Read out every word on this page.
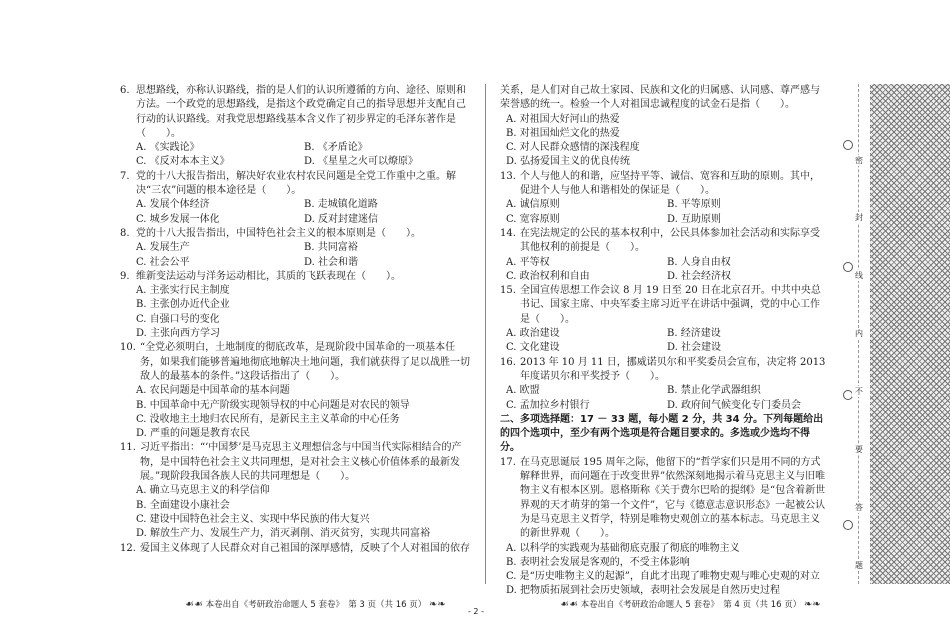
6. 思想路线，亦称认识路线，指的是人们的认识所遵循的方向、途径、原则和方法。一个政党的思想路线，是指这个政党确定自己的指导思想并支配自己行动的认识路线。对我党思想路线基本含义作了初步界定的毛泽东著作是（　　）。
A. 《实践论》	B. 《矛盾论》
C. 《反对本本主义》	D. 《星星之火可以燎原》
7. 党的十八大报告指出，解决好农业农村农民问题是全党工作重中之重。解决“三农”问题的根本途径是（　　）。
A. 发展个体经济	B. 走城镇化道路
C. 城乡发展一体化	D. 反对封建迷信
8. 党的十八大报告指出，中国特色社会主义的根本原则是（　　）。
A. 发展生产	B. 共同富裕
C. 社会公平	D. 社会和谐
9. 维新变法运动与洋务运动相比，其质的飞跃表现在（　　）。
A. 主张实行民主制度
B. 主张创办近代企业
C. 自强口号的变化
D. 主张向西方学习
10. “全党必须明白，土地制度的彻底改革，是现阶段中国革命的一项基本任务，如果我们能够普遍地彻底地解决土地问题，我们就获得了足以战胜一切敌人的最基本的条件。”这段话指出了（　　）。
A. 农民问题是中国革命的基本问题
B. 中国革命中无产阶级实现领导权的中心问题是对农民的领导
C. 没收地主土地归农民所有，是新民主主义革命的中心任务
D. 严重的问题是教育农民
11. 习近平指出：“‘中国梦’是马克思主义理想信念与中国当代实际相结合的产物，是中国特色社会主义共同理想，是对社会主义核心价值体系的最新发展。”现阶段我国各族人民的共同理想是（　　）。
A. 确立马克思主义的科学信仰
B. 全面建设小康社会
C. 建设中国特色社会主义、实现中华民族的伟大复兴
D. 解放生产力、发展生产力，消灭剥削、消灭贫穷，实现共同富裕
12. 爱国主义体现了人民群众对自己祖国的深厚感情，反映了个人对祖国的依存
关系，是人们对自己故土家园、民族和文化的归属感、认同感、尊严感与荣誉感的统一。检验一个人对祖国忠诚程度的试金石是指（　　）。
A. 对祖国大好河山的热爱
B. 对祖国灿烂文化的热爱
C. 对人民群众感情的深浅程度
D. 弘扬爱国主义的优良传统
13. 个人与他人的和谐，应坚持平等、诚信、宽容和互助的原则。其中，促进个人与他人和谐相处的保证是（　　）。
A. 诚信原则	B. 平等原则
C. 宽容原则	D. 互助原则
14. 在宪法规定的公民的基本权利中，公民具体参加社会活动和实际享受其他权利的前提是（　　）。
A. 平等权	B. 人身自由权
C. 政治权利和自由	D. 社会经济权
15. 全国宣传思想工作会议 8 月 19 日至 20 日在北京召开。中共中央总书记、国家主席、中央军委主席习近平在讲话中强调，党的中心工作是（　　）。
A. 政治建设	B. 经济建设
C. 文化建设	D. 社会建设
16. 2013 年 10 月 11 日，挪威诺贝尔和平奖委员会宣布，决定将 2013 年度诺贝尔和平奖授予（　　）。
A. 欧盟	B. 禁止化学武器组织
C. 孟加拉乡村银行	D. 政府间气候变化专门委员会
二、多项选择题：17 － 33 题，每小题 2 分，共 34 分。下列每题给出的四个选项中，至少有两个选项是符合题目要求的。多选或少选均不得分。
17. 在马克思诞辰 195 周年之际，他留下的“哲学家们只是用不同的方式解释世界，而问题在于改变世界”依然深刻地揭示着马克思主义与旧唯物主义有根本区别。恩格斯称《关于费尔巴哈的提纲》是“包含着新世界观的天才萌芽的第一个文件”，它与《德意志意识形态》一起被公认为是马克思主义哲学，特别是唯物史观创立的基本标志。马克思主义的新世界观（　　）。
A. 以科学的实践观为基础彻底克服了彻底的唯物主义
B. 表明社会发展是客观的，不受主体影响
C. 是“历史唯物主义的起源”，自此才出现了唯物史观与唯心史观的对立
D. 把物质拓展到社会历史领域，表明社会发展是自然历史过程
密
封
线
内
不
要
答
题
☙☙ 本卷出自《考研政治命题人 5 套卷》　第 3 页（共 16 页） ❧❧	☙☙ 本卷出自《考研政治命题人 5 套卷》　第 4 页（共 16 页） ❧❧
- 2 -
